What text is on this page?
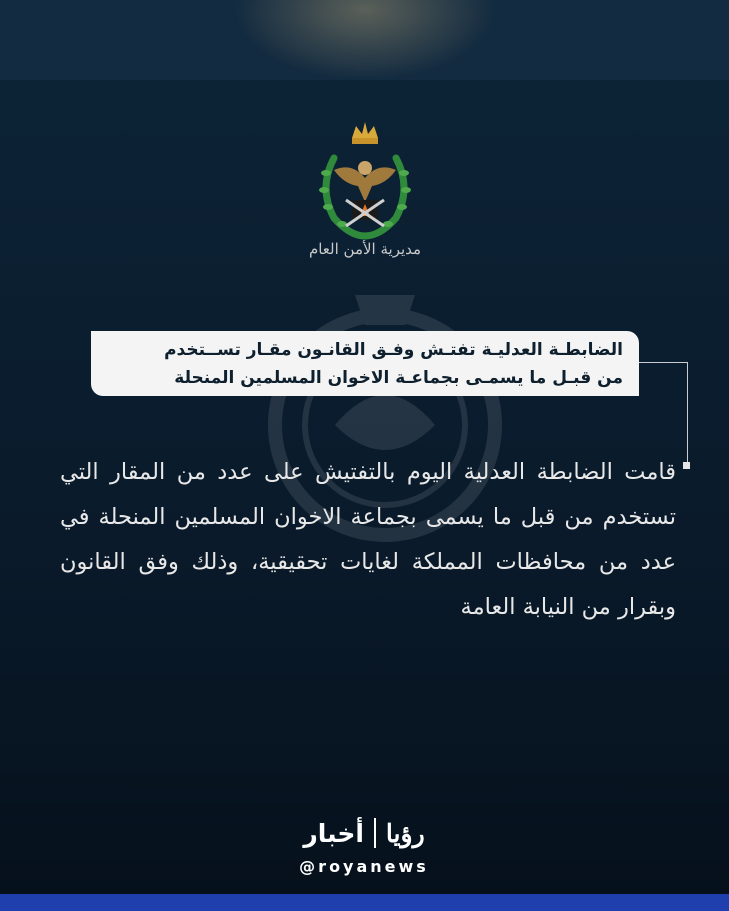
مديرية الأمن العام
الضابطـة العدليـة تفتـش وفـق القانـون مقـار تســتخدم
من قبـل ما يسمـى بجماعـة الاخوان المسلمين المنحلة
قامت الضابطة العدلية اليوم بالتفتيش على عدد من المقار التي تستخدم من قبل ما يسمى بجماعة الاخوان المسلمين المنحلة في عدد من محافظات المملكة لغايات تحقيقية، وذلك وفق القانون وبقرار من النيابة العامة
أخبار رؤيا
@royanews
